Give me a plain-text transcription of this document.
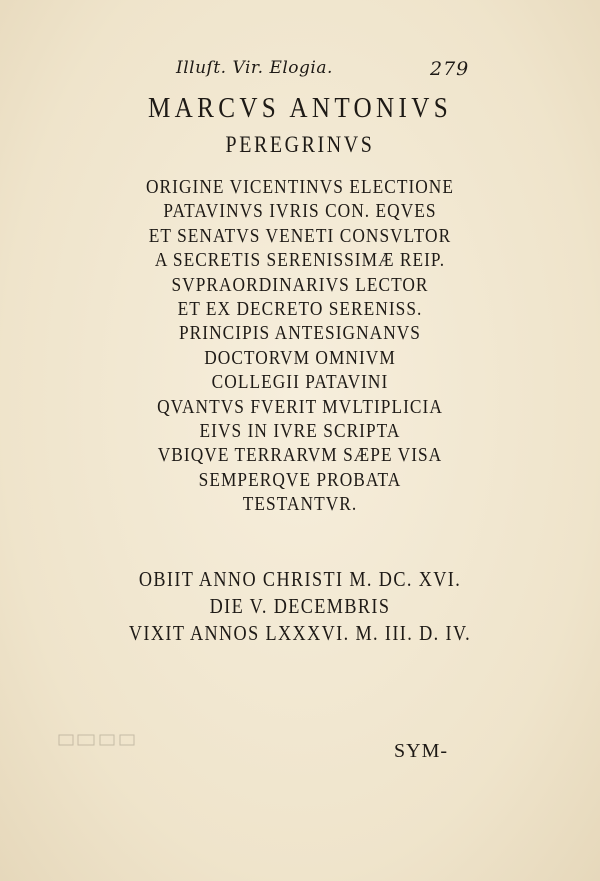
Illuſt. Vir. Elogia.	279
MARCVS ANTONIVS
PEREGRINVS
ORIGINE VICENTINVS ELECTIONE
PATAVINVS IVRIS CON. EQVES
ET SENATVS VENETI CONSVLTOR
A SECRETIS SERENISSIMÆ REIP.
SVPRAORDINARIVS LECTOR
ET EX DECRETO SERENISS.
PRINCIPIS ANTESIGNANVS
DOCTORVM OMNIVM
COLLEGII PATAVINI
QVANTVS FVERIT MVLTIPLICIA
EIVS IN IVRE SCRIPTA
VBIQVE TERRARVM SÆPE VISA
SEMPERQVE PROBATA
TESTANTVR.
OBIIT ANNO CHRISTI M. DC. XVI.
DIE V. DECEMBRIS
VIXIT ANNOS LXXXVI. M. III. D. IV.
SYM-
